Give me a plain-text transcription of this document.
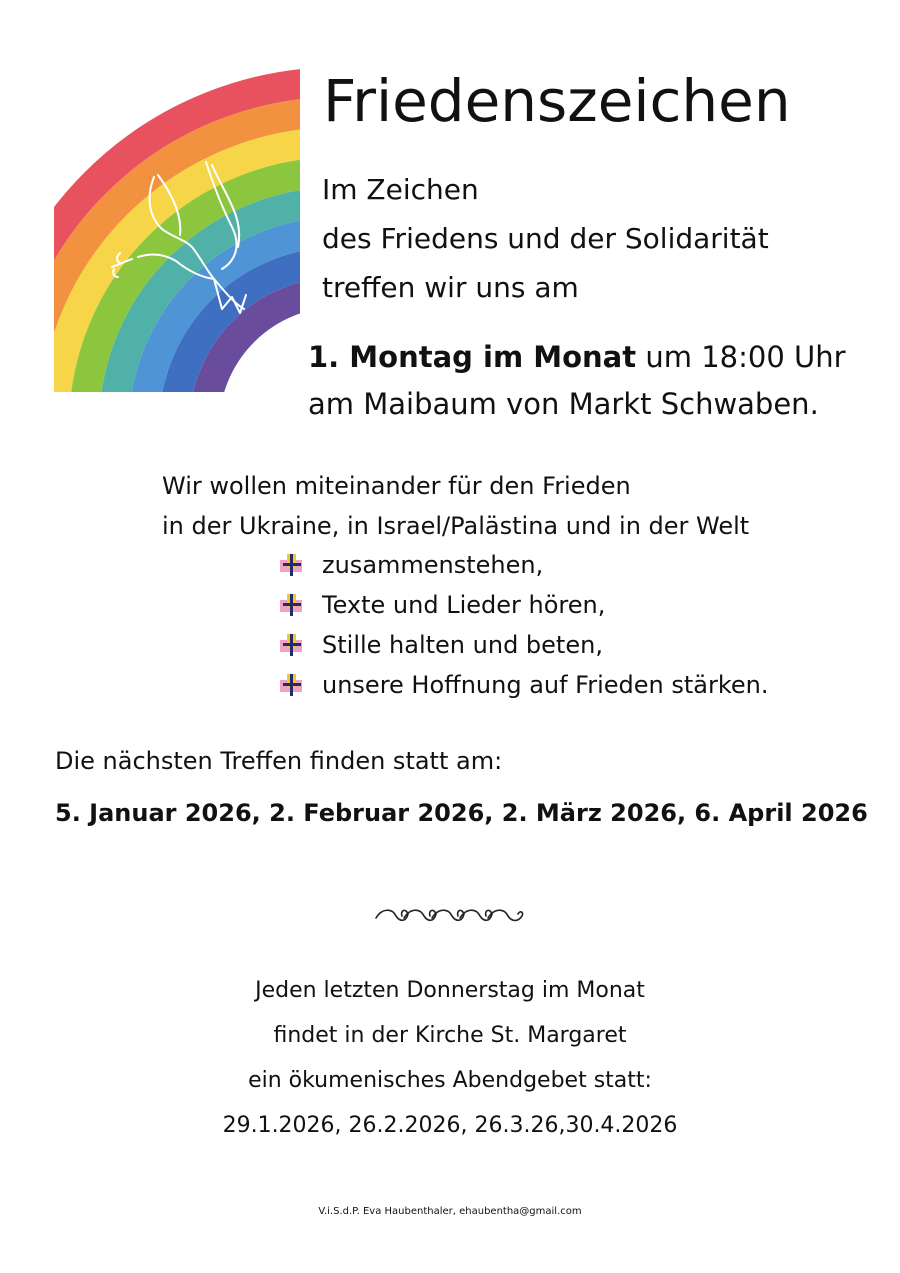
Friedenszeichen
Im Zeichen
des Friedens und der Solidarität
treffen wir uns am
1. Montag im Monat um 18:00 Uhr
am Maibaum von Markt Schwaben.
Wir wollen miteinander für den Frieden
in der Ukraine, in Israel/Palästina und in der Welt
zusammenstehen,
Texte und Lieder hören,
Stille halten und beten,
unsere Hoffnung auf Frieden stärken.
Die nächsten Treffen finden statt am:
5. Januar 2026, 2. Februar 2026, 2. März 2026, 6. April 2026
Jeden letzten Donnerstag im Monat
findet in der Kirche St. Margaret
ein ökumenisches Abendgebet statt:
29.1.2026, 26.2.2026, 26.3.26,30.4.2026
V.i.S.d.P. Eva Haubenthaler, ehaubentha@gmail.com
